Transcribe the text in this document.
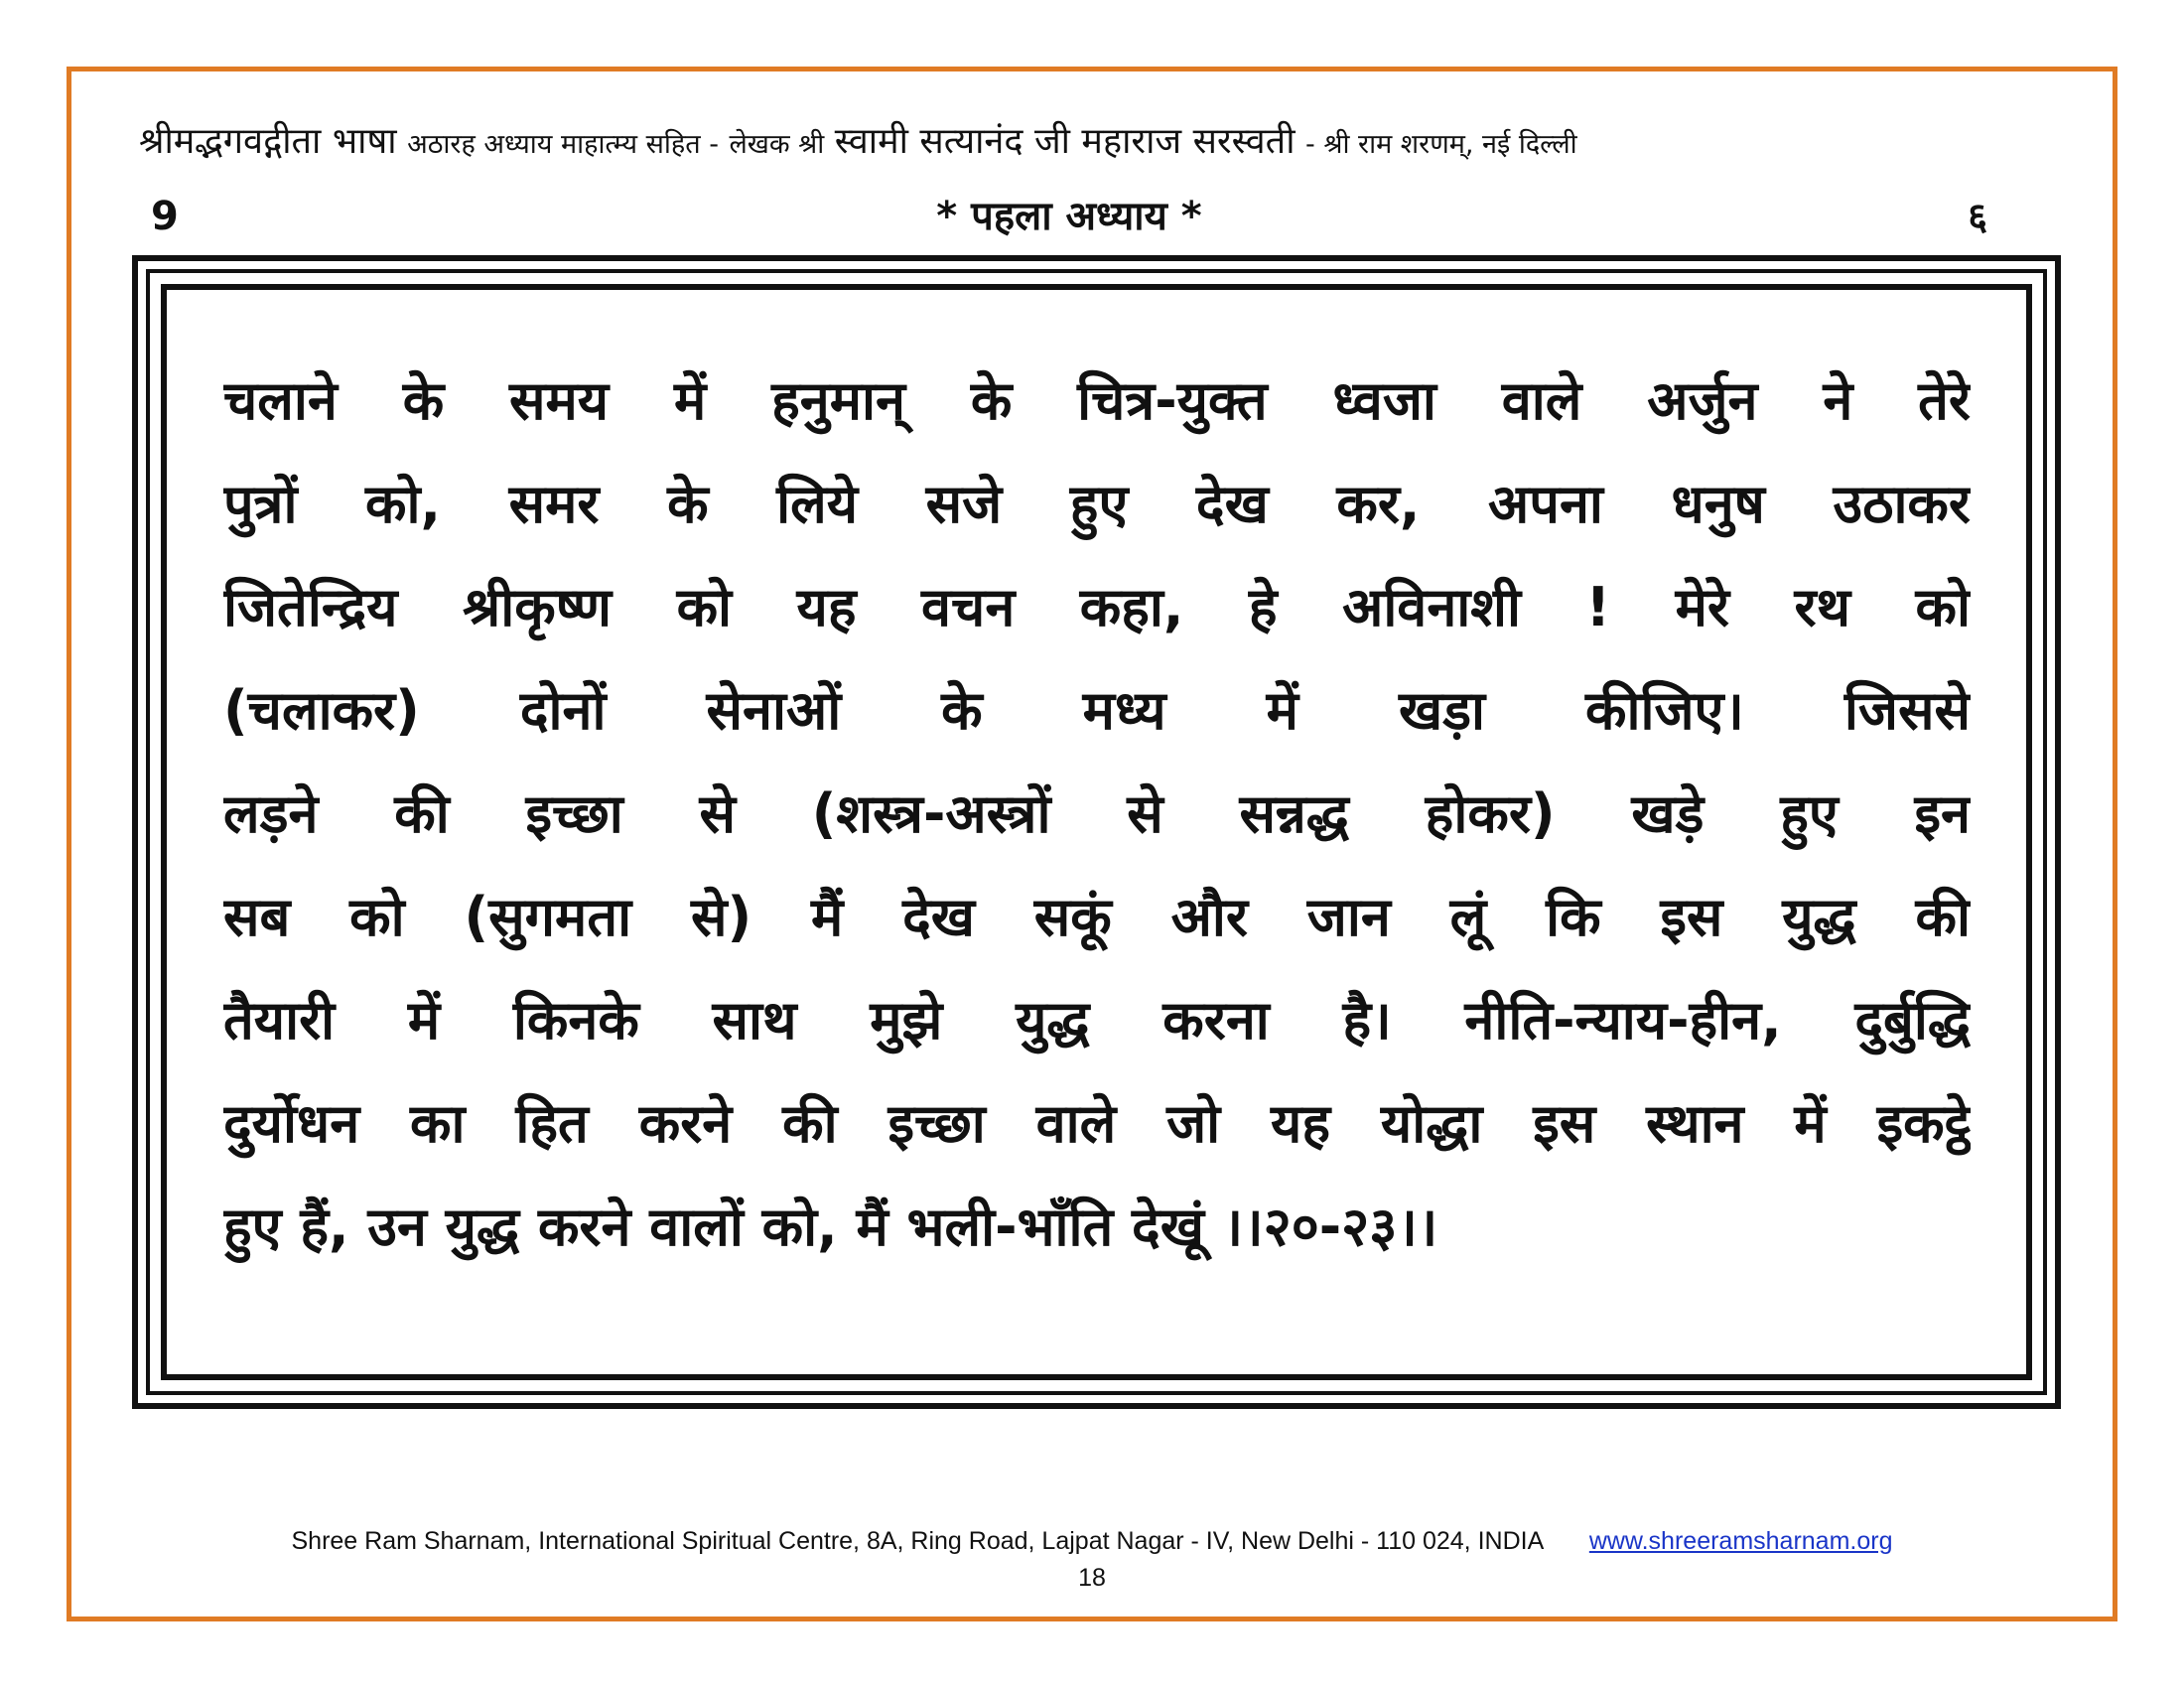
श्रीमद्भगवद्गीता भाषा अठारह अध्याय माहात्म्य सहित - लेखक श्री स्वामी सत्यानंद जी महाराज सरस्वती - श्री राम शरणम्, नई दिल्ली
9	* पहला अध्याय *	६
चलाने के समय में हनुमान् के चित्र-युक्त ध्वजा वाले अर्जुन ने तेरे
पुत्रों को, समर के लिये सजे हुए देख कर, अपना धनुष उठाकर
जितेन्द्रिय श्रीकृष्ण को यह वचन कहा, हे अविनाशी ! मेरे रथ को
(चलाकर) दोनों सेनाओं के मध्य में खड़ा कीजिए। जिससे
लड़ने की इच्छा से (शस्त्र-अस्त्रों से सन्नद्ध होकर) खड़े हुए इन
सब को (सुगमता से) मैं देख सकूं और जान लूं कि इस युद्ध की
तैयारी में किनके साथ मुझे युद्ध करना है। नीति-न्याय-हीन, दुर्बुद्धि
दुर्योधन का हित करने की इच्छा वाले जो यह योद्धा इस स्थान में इकट्ठे
हुए हैं, उन युद्ध करने वालों को, मैं भली-भाँति देखूं ।।२०-२३।।
Shree Ram Sharnam, International Spiritual Centre, 8A, Ring Road, Lajpat Nagar - IV, New Delhi - 110 024, INDIA www.shreeramsharnam.org
18
